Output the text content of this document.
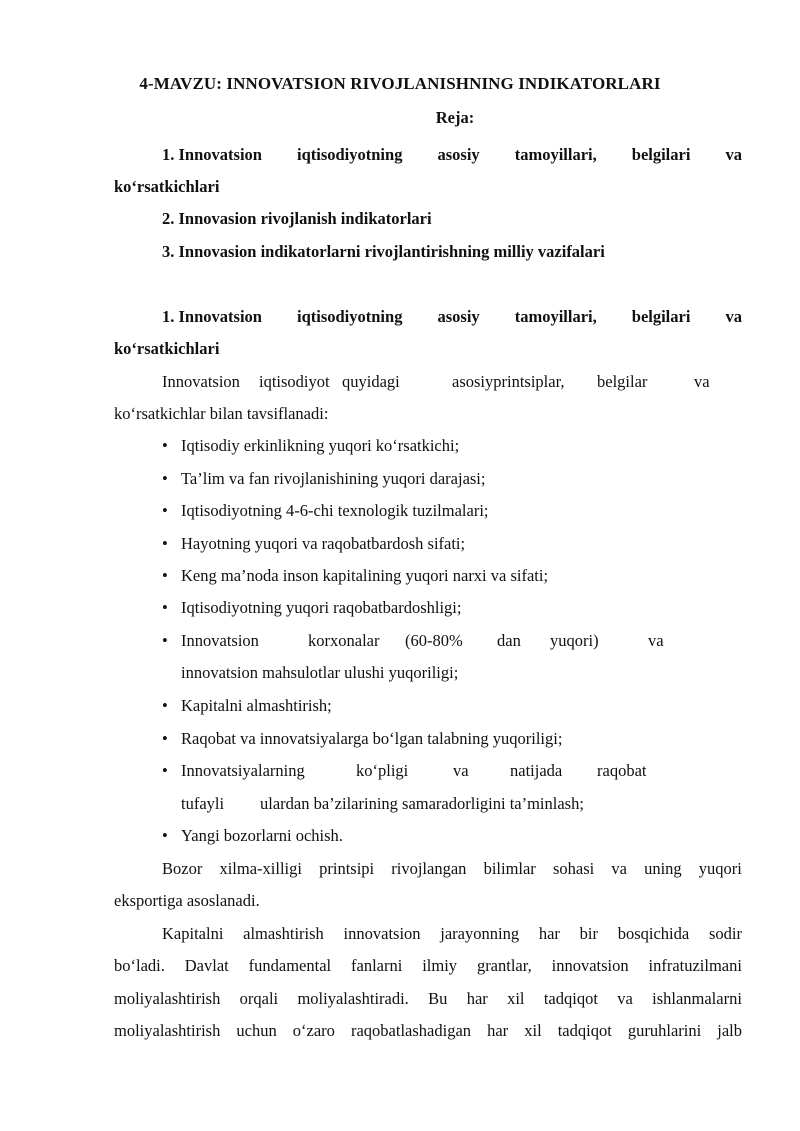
4-MAVZU: INNOVATSION RIVOJLANISHNING INDIKATORLARI
Reja:
1. Innovatsion iqtisodiyotning asosiy tamoyillari, belgilari va
ko‘rsatkichlari
2. Innovasion rivojlanish indikatorlari
3. Innovasion indikatorlarni rivojlantirishning milliy vazifalari
1. Innovatsion iqtisodiyotning asosiy tamoyillari, belgilari va
ko‘rsatkichlari
Innovatsion iqtisodiyot quyidagi	asosiyprintsiplar, belgilar	va
ko‘rsatkichlar bilan tavsiflanadi:
• Iqtisodiy erkinlikning yuqori ko‘rsatkichi;
• Ta’lim va fan rivojlanishining yuqori darajasi;
• Iqtisodiyotning 4-6-chi texnologik tuzilmalari;
• Hayotning yuqori va raqobatbardosh sifati;
• Keng ma’noda inson kapitalining yuqori narxi va sifati;
• Iqtisodiyotning yuqori raqobatbardoshligi;
• Innovatsion	korxonalar (60-80% dan yuqori)	va
innovatsion mahsulotlar ulushi yuqoriligi;
• Kapitalni almashtirish;
• Raqobat va innovatsiyalarga bo‘lgan talabning yuqoriligi;
• Innovatsiyalarning	ko‘pligi	va	natijada raqobat
tufayli ulardan ba’zilarining samaradorligini ta’minlash;
• Yangi bozorlarni ochish.
Bozor xilma-xilligi printsipi rivojlangan bilimlar sohasi va uning yuqori
eksportiga asoslanadi.
Kapitalni almashtirish innovatsion jarayonning har bir bosqichida sodir
bo‘ladi. Davlat fundamental fanlarni ilmiy grantlar, innovatsion infratuzilmani
moliyalashtirish orqali moliyalashtiradi. Bu har xil tadqiqot va ishlanmalarni
moliyalashtirish uchun o‘zaro raqobatlashadigan har xil tadqiqot guruhlarini jalb
